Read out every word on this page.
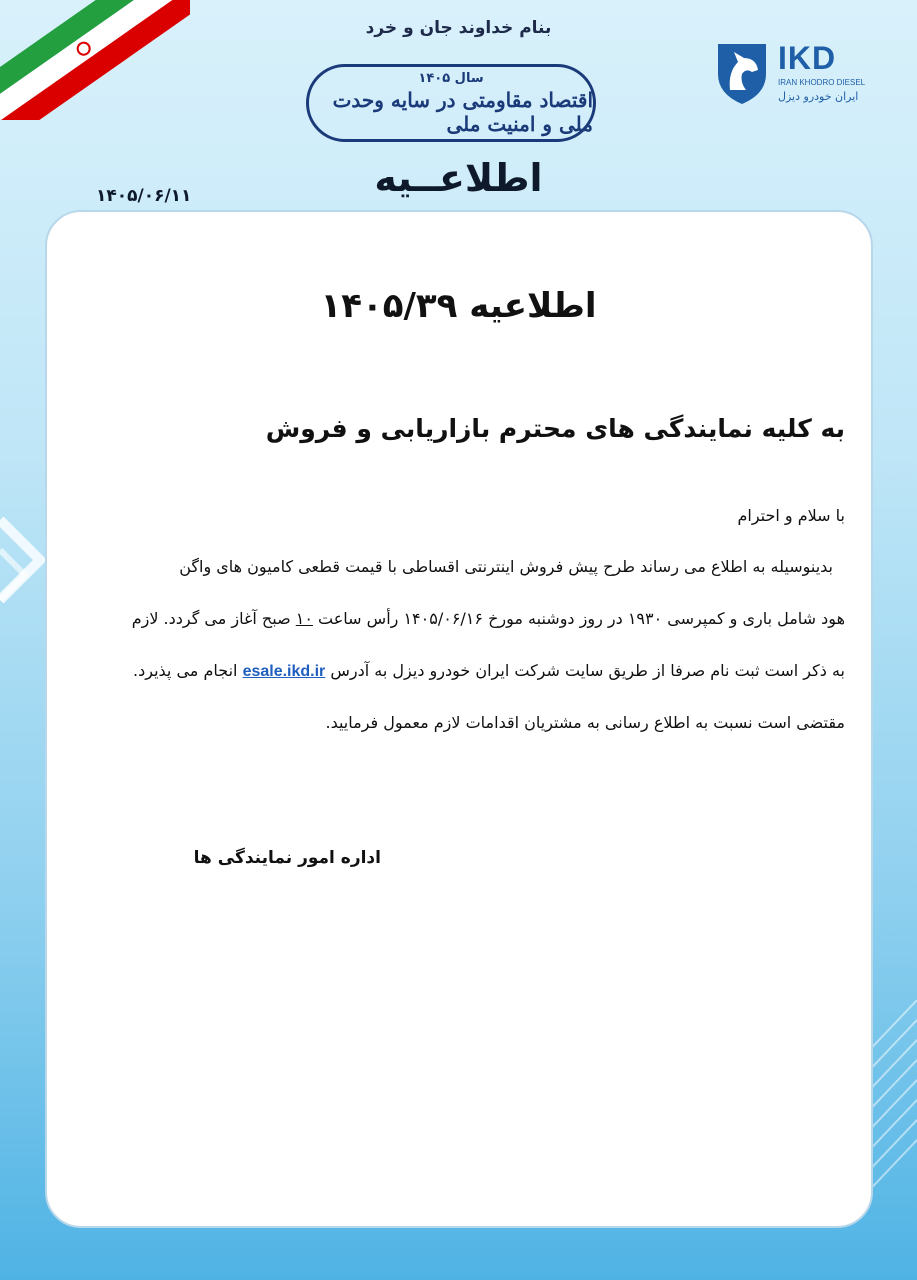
بنام خداوند جان و خرد
سال ۱۴۰۵
اقتصاد مقاومتی در سایه وحدت ملی و امنیت ملی
IKD
IRAN KHODRO DIESEL
ایران خودرو دیزل
اطلاعــیه
۱۴۰۵/۰۶/۱۱
اطلاعیه ۱۴۰۵/۳۹
به کلیه نمایندگی های محترم بازاریابی و فروش
با سلام و احترام
بدینوسیله به اطلاع می رساند طرح پیش فروش اینترنتی اقساطی با قیمت قطعی کامیون های واگن
هود شامل باری و کمپرسی ۱۹۳۰ در روز دوشنبه مورخ ۱۴۰۵/۰۶/۱۶ رأس ساعت ۱۰ صبح آغاز می گردد. لازم
به ذکر است ثبت نام صرفا از طریق سایت شرکت ایران خودرو دیزل به آدرس esale.ikd.ir انجام می پذیرد.
مقتضی است نسبت به اطلاع رسانی به مشتریان اقدامات لازم معمول فرمایید.
اداره امور نمایندگی ها
